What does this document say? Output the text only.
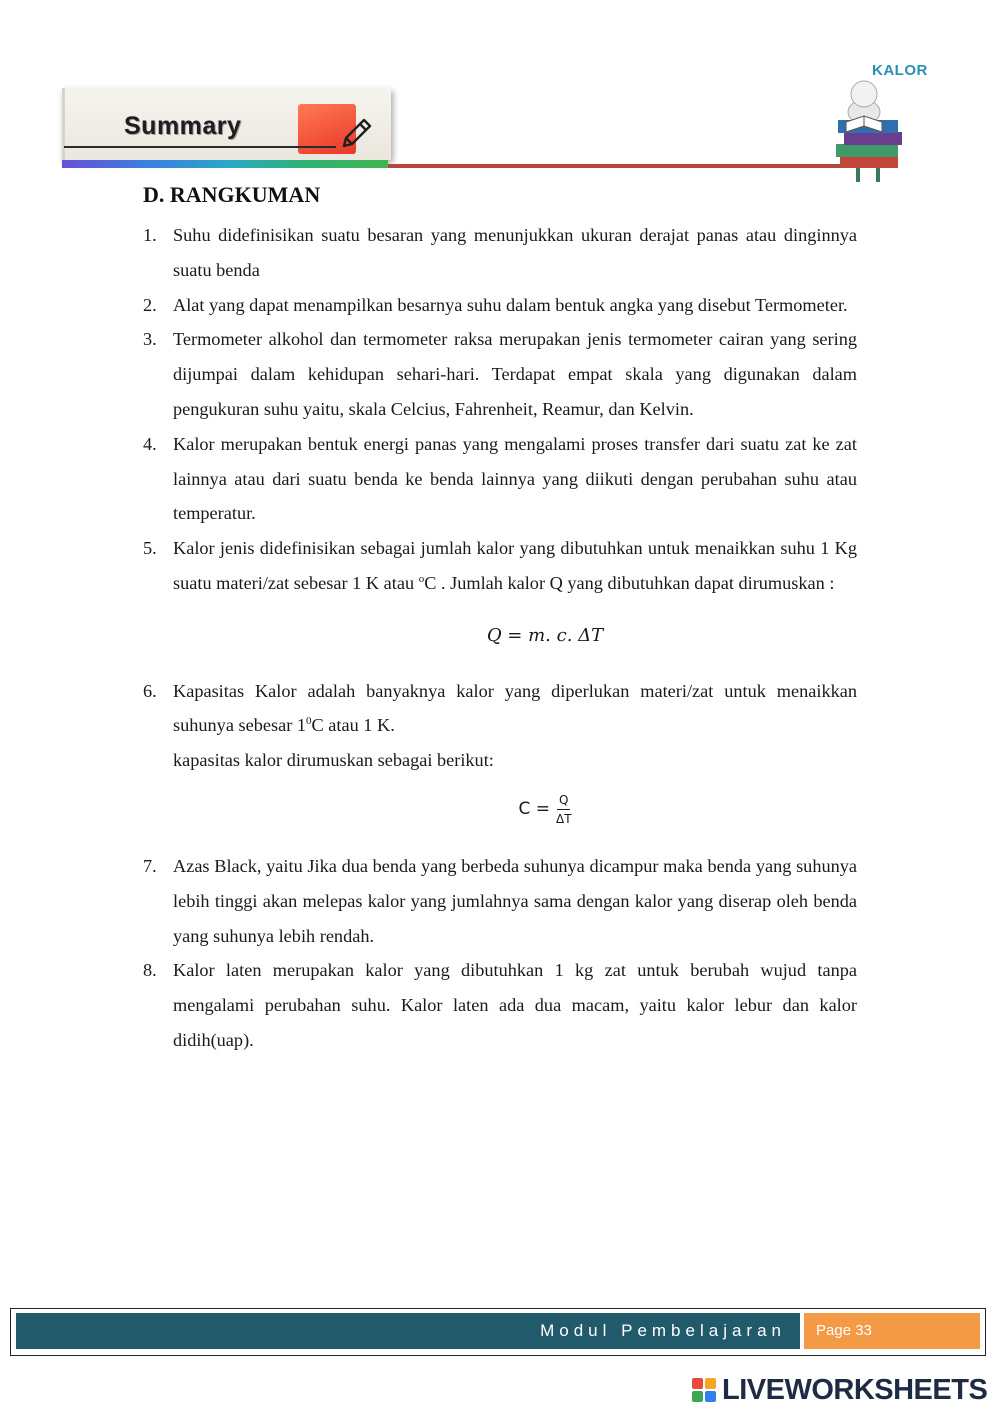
Summary
KALOR
D. RANGKUMAN
1. Suhu didefinisikan suatu besaran yang menunjukkan ukuran derajat panas atau dinginnya suatu benda
2. Alat yang dapat menampilkan besarnya suhu dalam bentuk angka yang disebut Termometer.
3. Termometer alkohol dan termometer raksa merupakan jenis termometer cairan yang sering dijumpai dalam kehidupan sehari-hari. Terdapat empat skala yang digunakan dalam pengukuran suhu yaitu, skala Celcius, Fahrenheit, Reamur, dan Kelvin.
4. Kalor merupakan bentuk energi panas yang mengalami proses transfer dari suatu zat ke zat lainnya atau dari suatu benda ke benda lainnya yang diikuti dengan perubahan suhu atau temperatur.
5. Kalor jenis didefinisikan sebagai jumlah kalor yang dibutuhkan untuk menaikkan suhu 1 Kg suatu materi/zat sebesar 1 K atau $^o$C . Jumlah kalor Q yang dibutuhkan dapat dirumuskan :
Q = m. c. ΔT
6. Kapasitas Kalor adalah banyaknya kalor yang diperlukan materi/zat untuk menaikkan suhunya sebesar $1^0C$ atau 1 K.
kapasitas kalor dirumuskan sebagai berikut:
$C = \frac{Q}{\Delta T}$
7. Azas Black, yaitu Jika dua benda yang berbeda suhunya dicampur maka benda yang suhunya lebih tinggi akan melepas kalor yang jumlahnya sama dengan kalor yang diserap oleh benda yang suhunya lebih rendah.
8. Kalor laten merupakan kalor yang dibutuhkan 1 kg zat untuk berubah wujud tanpa mengalami perubahan suhu. Kalor laten ada dua macam, yaitu kalor lebur dan kalor didih(uap).
Modul Pembelajaran Page 33
LIVEWORKSHEETS
